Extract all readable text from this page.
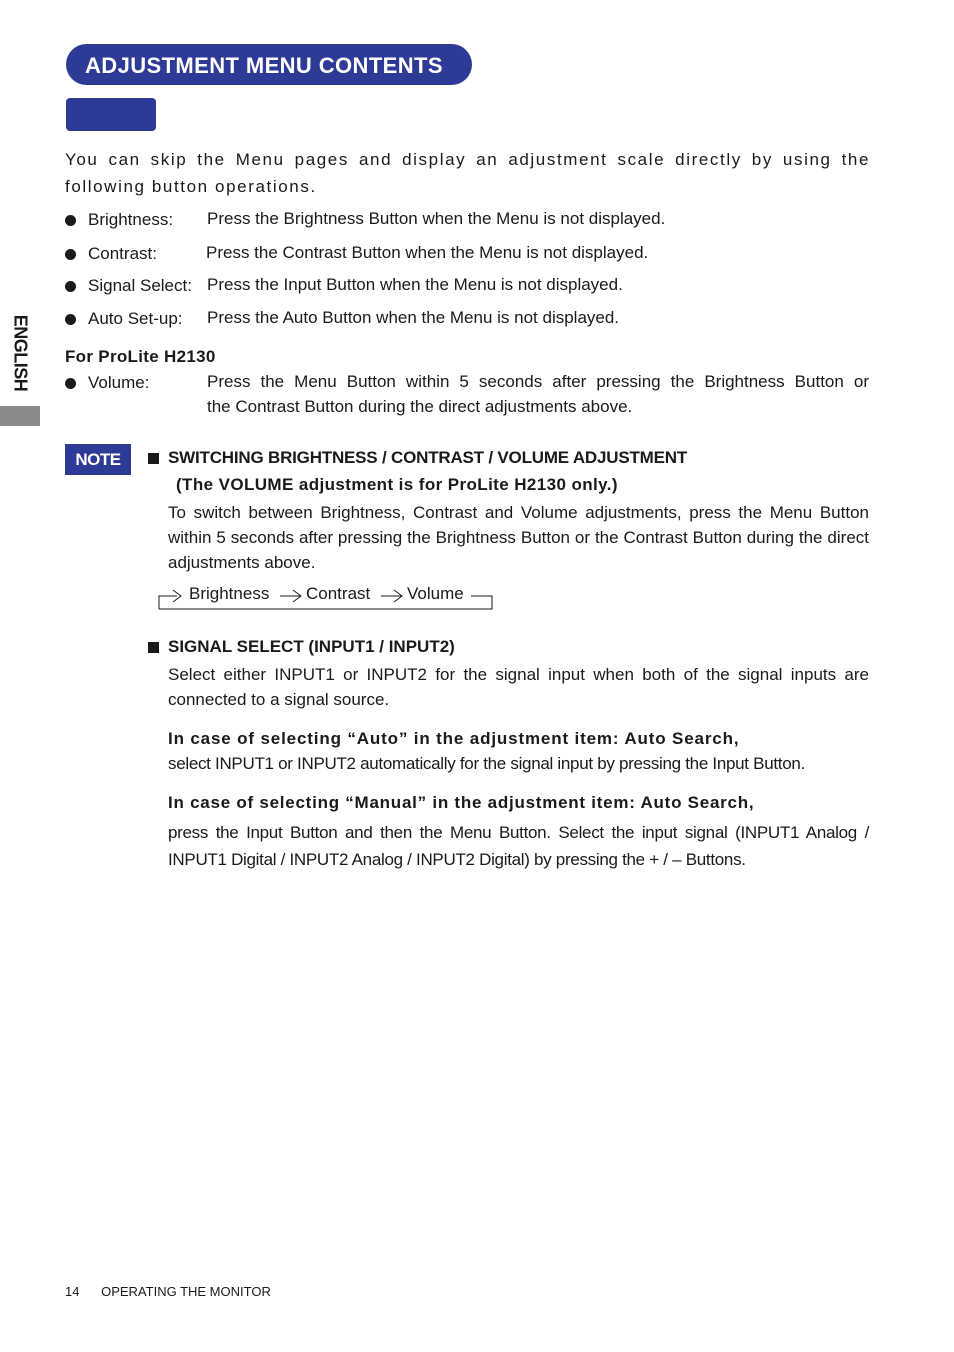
ADJUSTMENT MENU CONTENTS
ENGLISH
You can skip the Menu pages and display an adjustment scale directly by using the following button operations.
Brightness: Press the Brightness Button when the Menu is not displayed.
Contrast:	Press the Contrast Button when the Menu is not displayed.
Signal Select: Press the Input Button when the Menu is not displayed.
Auto Set-up: Press the Auto Button when the Menu is not displayed.
For ProLite H2130
Volume:	Press the Menu Button within 5 seconds after pressing the Brightness Button or
the Contrast Button during the direct adjustments above.
NOTE	SWITCHING BRIGHTNESS / CONTRAST / VOLUME ADJUSTMENT
(The VOLUME adjustment is for ProLite H2130 only.)
To switch between Brightness, Contrast and Volume adjustments, press the Menu Button within 5 seconds after pressing the Brightness Button or the Contrast Button during the direct adjustments above.
Brightness Contrast Volume
SIGNAL SELECT (INPUT1 / INPUT2)
Select either INPUT1 or INPUT2 for the signal input when both of the signal inputs are connected to a signal source.
In case of selecting “Auto” in the adjustment item: Auto Search,
select INPUT1 or INPUT2 automatically for the signal input by pressing the Input Button.
In case of selecting “Manual” in the adjustment item: Auto Search,
press the Input Button and then the Menu Button. Select the input signal (INPUT1 Analog / INPUT1 Digital / INPUT2 Analog / INPUT2 Digital) by pressing the + / – Buttons.
14 OPERATING THE MONITOR
